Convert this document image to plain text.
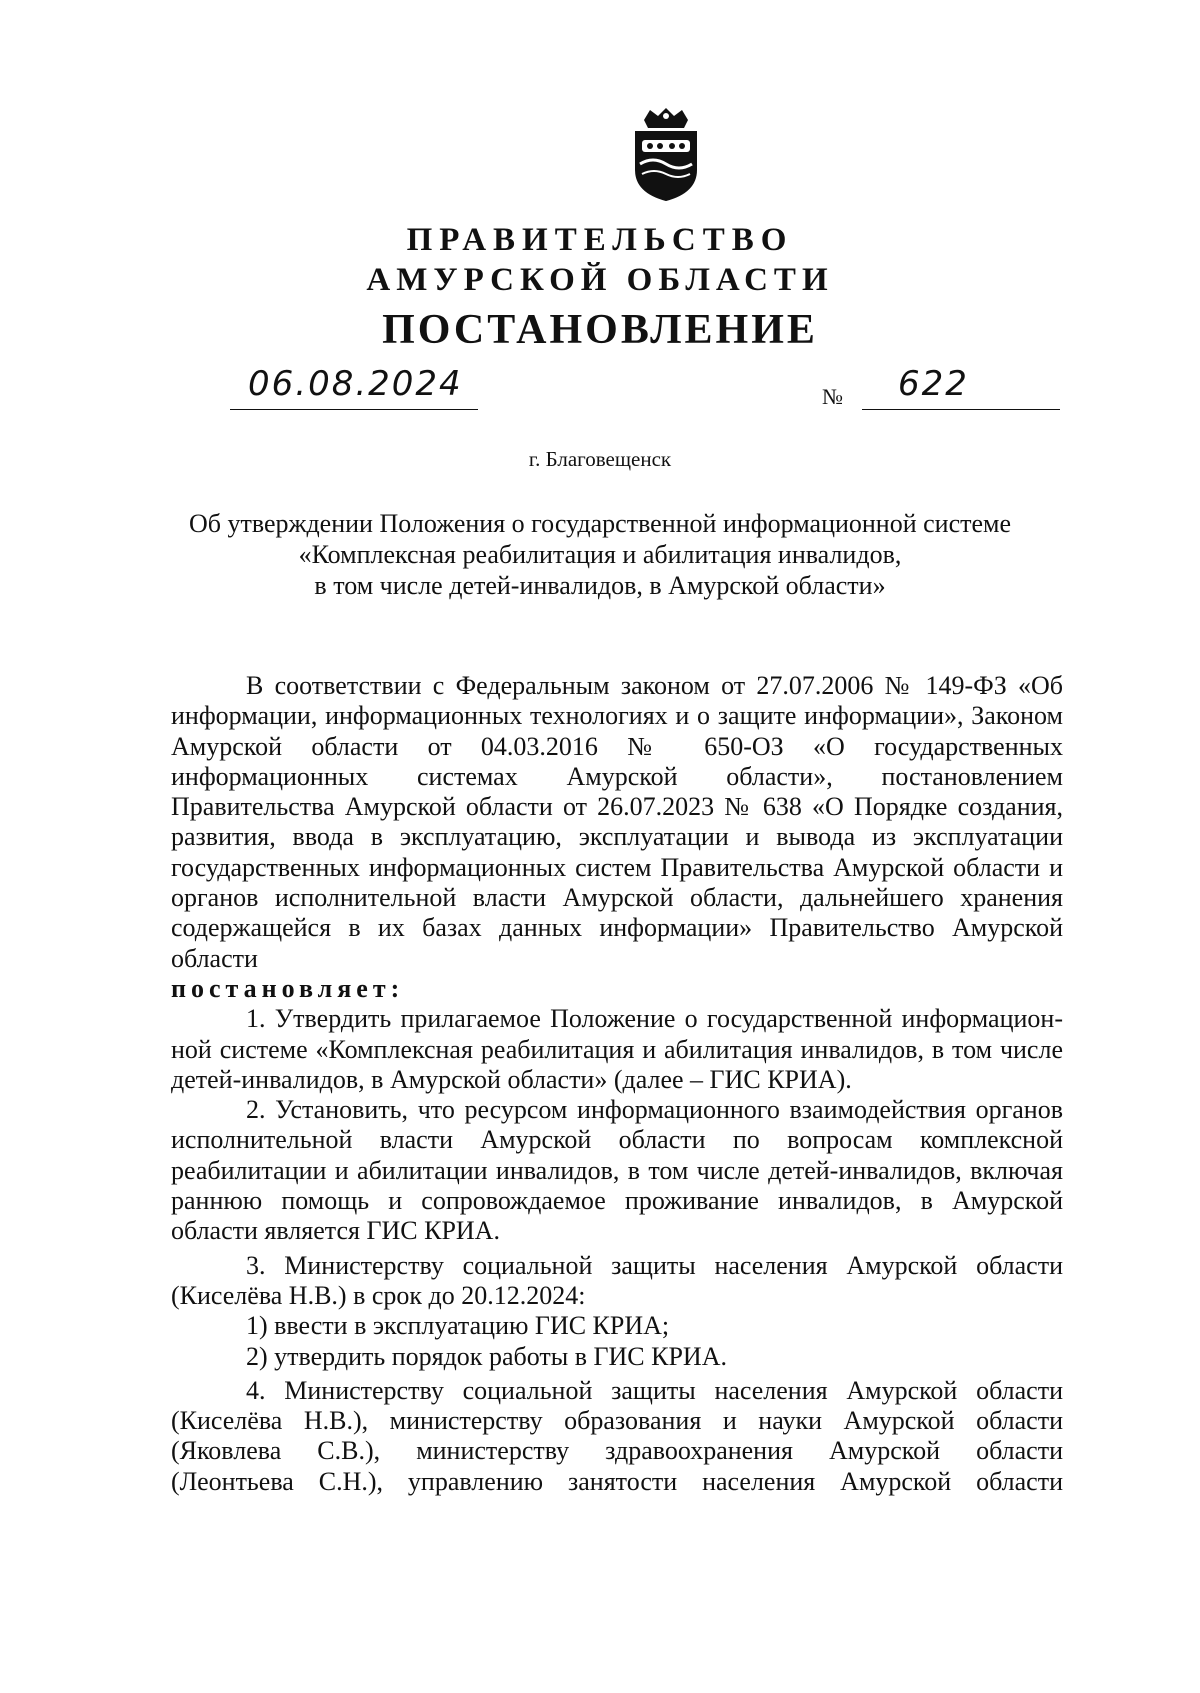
ПРАВИТЕЛЬСТВО
АМУРСКОЙ ОБЛАСТИ
ПОСТАНОВЛЕНИЕ
06.08.2024	№ 622
г. Благовещенск
Об утверждении Положения о государственной информационной системе
«Комплексная реабилитация и абилитация инвалидов,
в том числе детей-инвалидов, в Амурской области»
В соответствии с Федеральным законом от 27.07.2006 № 149-ФЗ «Об
информации, информационных технологиях и о защите информации», Законом
Амурской области от 04.03.2016 № 650-ОЗ «О государственных
информационных системах Амурской области», постановлением
Правительства Амурской области от 26.07.2023 № 638 «О Порядке создания,
развития, ввода в эксплуатацию, эксплуатации и вывода из эксплуатации
государственных информационных систем Правительства Амурской области и
органов исполнительной власти Амурской области, дальнейшего хранения
содержащейся в их базах данных информации» Правительство Амурской
области
постановляет:
1. Утвердить прилагаемое Положение о государственной информацион-
ной системе «Комплексная реабилитация и абилитация инвалидов, в том числе
детей-инвалидов, в Амурской области» (далее – ГИС КРИА).
2. Установить, что ресурсом информационного взаимодействия органов
исполнительной власти Амурской области по вопросам комплексной
реабилитации и абилитации инвалидов, в том числе детей-инвалидов, включая
раннюю помощь и сопровождаемое проживание инвалидов, в Амурской
области является ГИС КРИА.
3. Министерству социальной защиты населения Амурской области
(Киселёва Н.В.) в срок до 20.12.2024:
1) ввести в эксплуатацию ГИС КРИА;
2) утвердить порядок работы в ГИС КРИА.
4. Министерству социальной защиты населения Амурской области
(Киселёва Н.В.), министерству образования и науки Амурской области
(Яковлева С.В.), министерству здравоохранения Амурской области
(Леонтьева С.Н.), управлению занятости населения Амурской области
